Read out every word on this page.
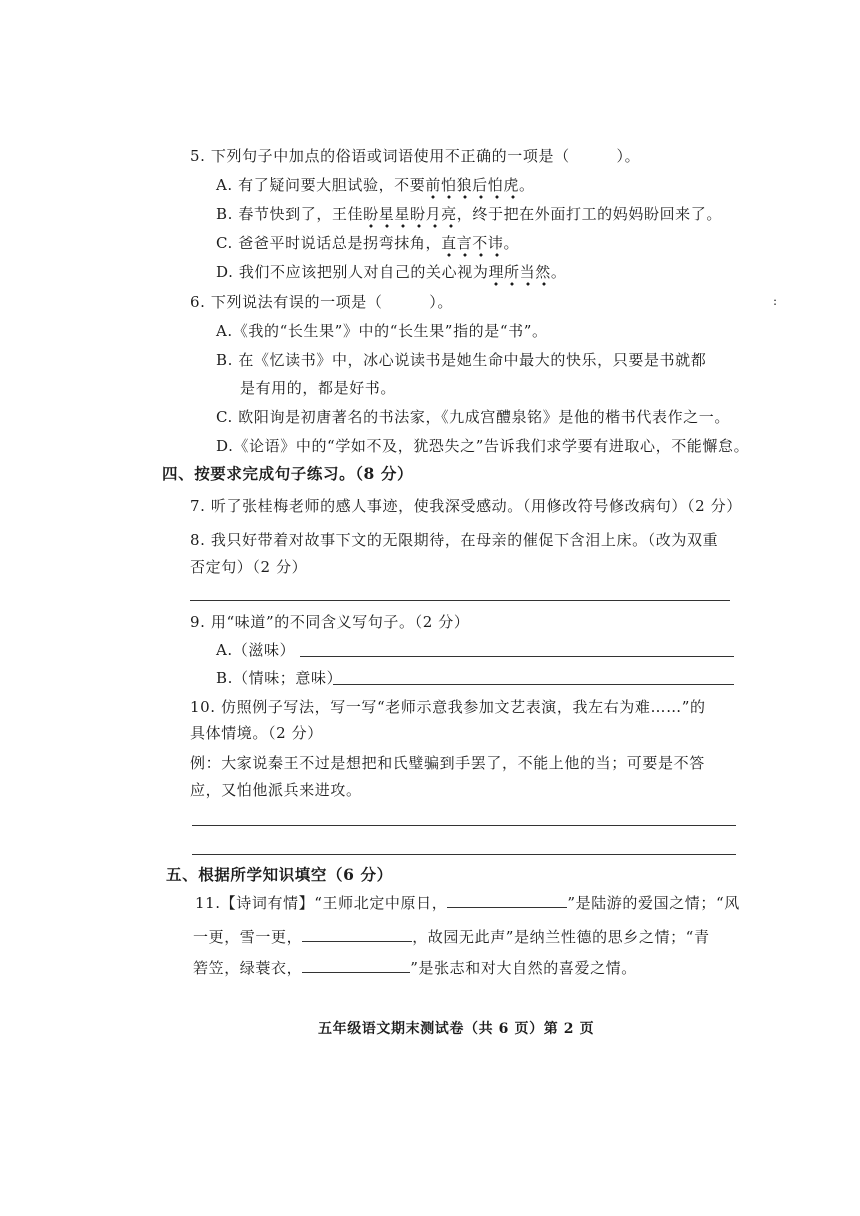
5. 下列句子中加点的俗语或词语使用不正确的一项是（　　　）。
A. 有了疑问要大胆试验，不要前怕狼后怕虎。
B. 春节快到了，王佳盼星星盼月亮，终于把在外面打工的妈妈盼回来了。
C. 爸爸平时说话总是拐弯抹角，直言不讳。
D. 我们不应该把别人对自己的关心视为理所当然。
6. 下列说法有误的一项是（　　　）。
A.《我的“长生果”》中的“长生果”指的是“书”。
B. 在《忆读书》中，冰心说读书是她生命中最大的快乐，只要是书就都
是有用的，都是好书。
C. 欧阳询是初唐著名的书法家，《九成宫醴泉铭》是他的楷书代表作之一。
D.《论语》中的“学如不及，犹恐失之”告诉我们求学要有进取心，不能懈怠。
四、按要求完成句子练习。（8 分）
7. 听了张桂梅老师的感人事迹，使我深受感动。（用修改符号修改病句）（2 分）
8. 我只好带着对故事下文的无限期待，在母亲的催促下含泪上床。（改为双重
否定句）（2 分）
9. 用“味道”的不同含义写句子。（2 分）
A.（滋味）
B.（情味；意味）
10. 仿照例子写法，写一写“老师示意我参加文艺表演，我左右为难……”的
具体情境。（2 分）
例：大家说秦王不过是想把和氏璧骗到手罢了，不能上他的当；可要是不答
应，又怕他派兵来进攻。
五、根据所学知识填空（6 分）
11.【诗词有情】“王师北定中原日，	”是陆游的爱国之情；“风
一更，雪一更，	，故园无此声”是纳兰性德的思乡之情；“青
箬笠，绿蓑衣，	”是张志和对大自然的喜爱之情。
五年级语文期末测试卷（共 6 页）第 2 页
:
